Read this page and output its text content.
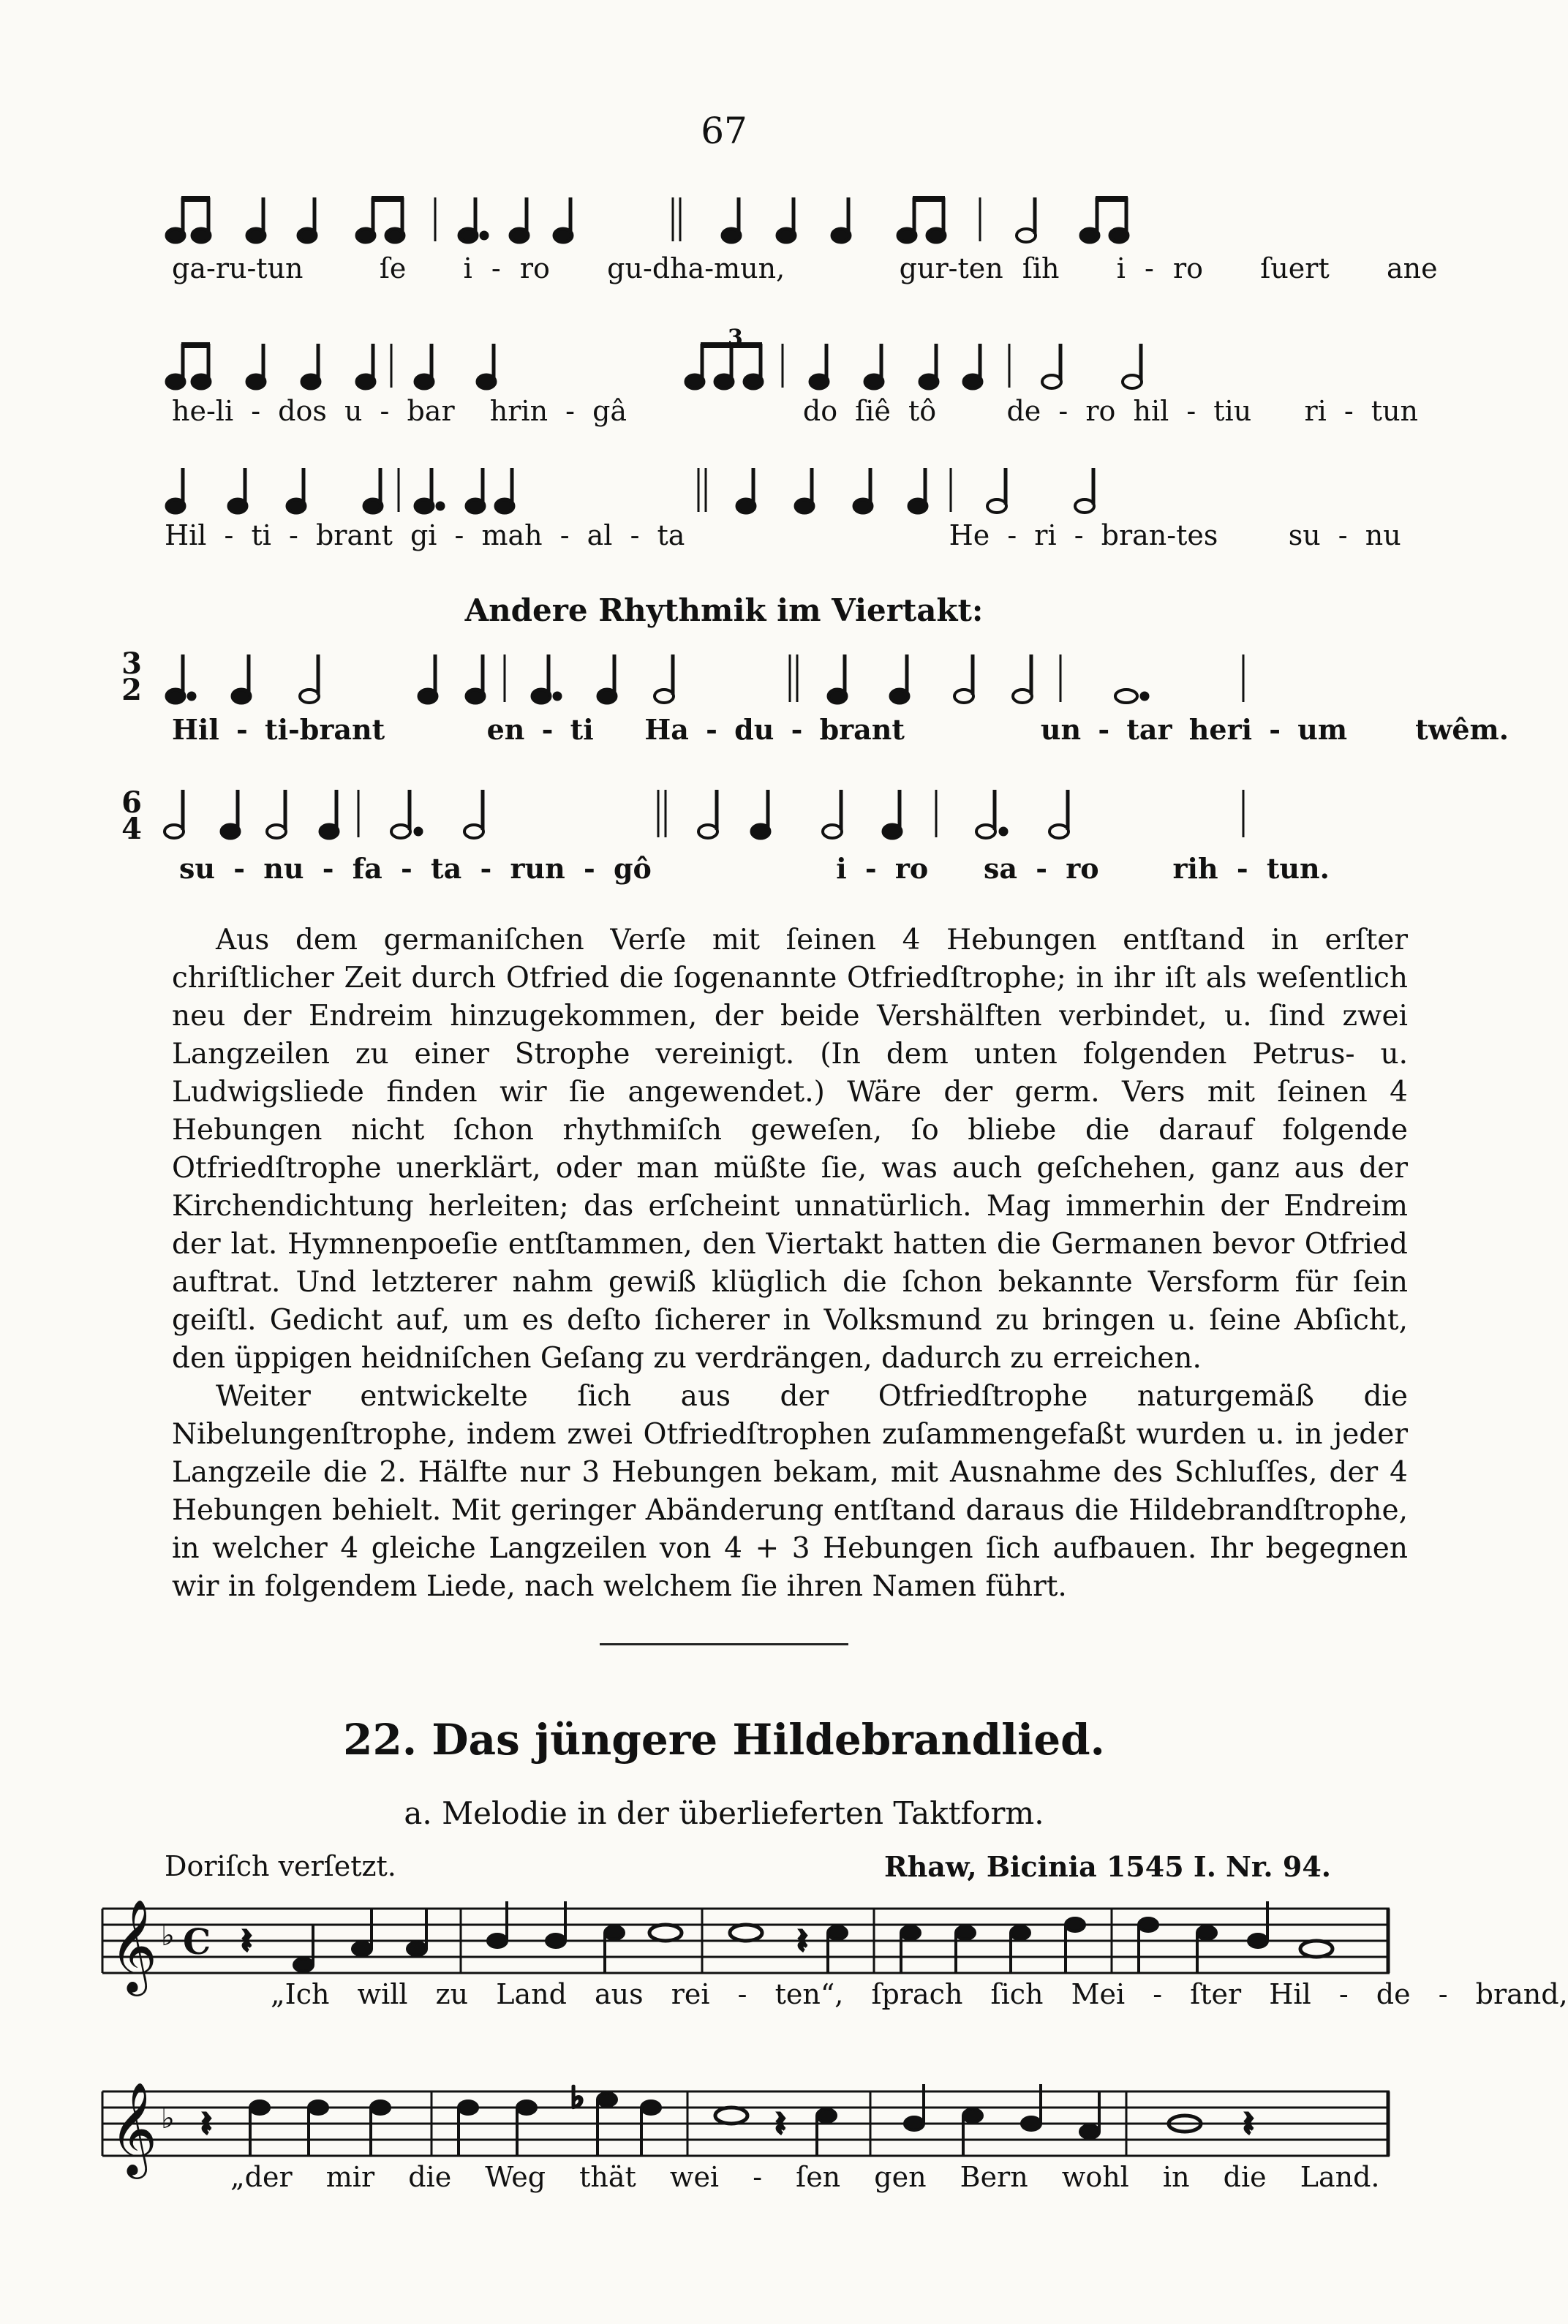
67
ga-ru-tun	ſe i - ro gu-dha-mun,	gur-ten ſih i - ro ſuert ane
3
he-li - dos u - bar hrin - gâ	do ſiê tô	de - ro hil - tiu ri - tun
Hil - ti - brant gi - mah - al - ta	He - ri - bran-tes	su - nu
Andere Rhythmik im Viertakt:
3
2
Hil - ti-brant	en - ti Ha - du - brant	un - tar heri - um twêm.
6
4
su - nu - fa - ta - run - gô	i - ro sa - ro	rih - tun.

Aus dem germaniſchen Verſe mit ſeinen 4 Hebungen entſtand in erſter chriſtlicher Zeit durch Otfried die ſogenannte Otfriedſtrophe; in ihr iſt als weſentlich neu der Endreim hinzugekommen, der beide Vershälften verbindet, u. ſind zwei Langzeilen zu einer Strophe vereinigt. (In dem unten folgenden Petrus- u. Ludwigsliede finden wir ſie angewendet.) Wäre der germ. Vers mit ſeinen 4 Hebungen nicht ſchon rhythmiſch geweſen, ſo bliebe die darauf folgende Otfriedſtrophe unerklärt, oder man müßte ſie, was auch geſchehen, ganz aus der Kirchendichtung herleiten; das erſcheint unnatürlich. Mag immerhin der Endreim der lat. Hymnenpoeſie entſtammen, den Viertakt hatten die Germanen bevor Otfried auftrat. Und letzterer nahm gewiß klüglich die ſchon bekannte Versform für ſein geiſtl. Gedicht auf, um es deſto ſicherer in Volksmund zu bringen u. ſeine Abſicht, den üppigen heidniſchen Geſang zu verdrängen, dadurch zu erreichen.

Weiter entwickelte ſich aus der Otfriedſtrophe naturgemäß die Nibelungenſtrophe, indem zwei Otfriedſtrophen zuſammengefaßt wurden u. in jeder Langzeile die 2. Hälfte nur 3 Hebungen bekam, mit Ausnahme des Schluſſes, der 4 Hebungen behielt. Mit geringer Abänderung entſtand daraus die Hildebrandſtrophe, in welcher 4 gleiche Langzeilen von 4 + 3 Hebungen ſich aufbauen. Ihr begegnen wir in folgendem Liede, nach welchem ſie ihren Namen führt.

22. Das jüngere Hildebrandlied.
a. Melodie in der überlieferten Taktform.
Doriſch verſetzt.	Rhaw, Bicinia 1545 I. Nr. 94.
𝄞 ♭ C 𝄽	𝄽
„Ich will zu Land aus rei - ten“, ſprach ſich Mei - ſter Hil - de - brand,
𝄞 ♭ 𝄽
♭
𝄽	𝄽
„der mir die Weg thät wei - ſen gen Bern wohl in die Land.
